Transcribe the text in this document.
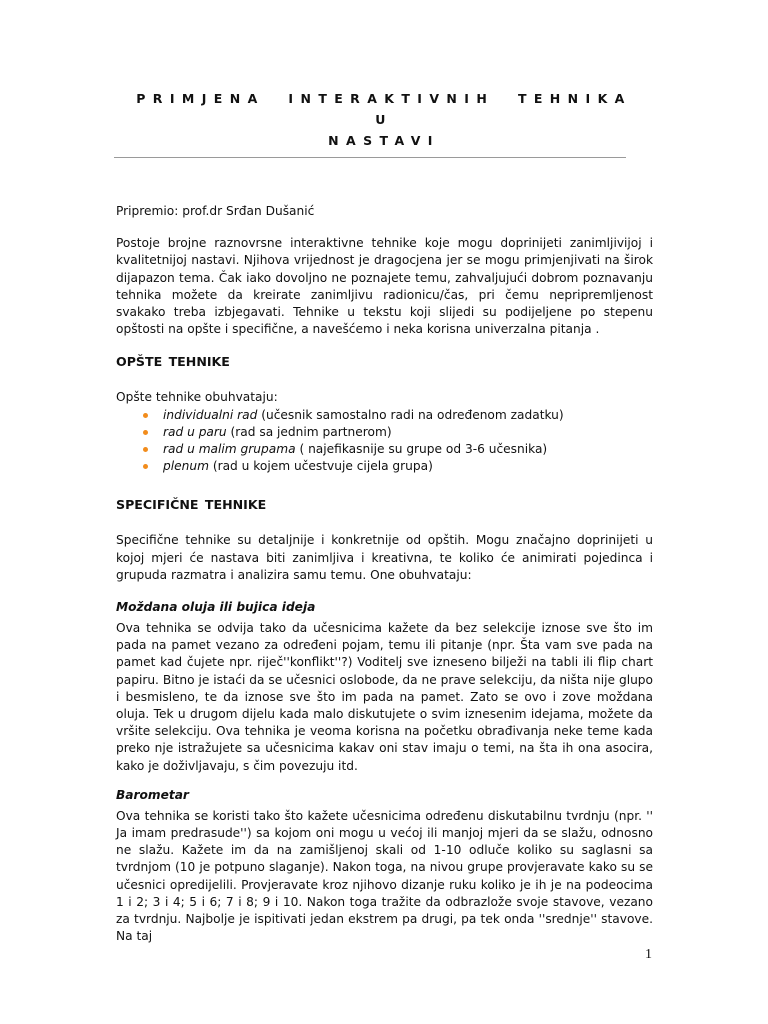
PRIMJENA INTERAKTIVNIH TEHNIKA U
NASTAVI

Pripremio: prof.dr Srđan Dušanić

Postoje brojne raznovrsne interaktivne tehnike koje mogu doprinijeti zanimljivijoj i kvalitetnijoj nastavi. Njihova vrijednost je dragocjena jer se mogu primjenjivati na širok dijapazon tema. Čak iako dovoljno ne poznajete temu, zahvaljujući dobrom poznavanju tehnika možete da kreirate zanimljivu radionicu/čas, pri čemu nepripremljenost svakako treba izbjegavati. Tehnike u tekstu koji slijedi su podijeljene po stepenu opštosti na opšte i specifične, a navešćemo i neka korisna univerzalna pitanja .

OPŠTE TEHNIKE

Opšte tehnike obuhvataju:

individualni rad (učesnik samostalno radi na određenom zadatku)
rad u paru (rad sa jednim partnerom)
rad u malim grupama ( najefikasnije su grupe od 3-6 učesnika)
plenum (rad u kojem učestvuje cijela grupa)
SPECIFIČNE TEHNIKE

Specifične tehnike su detaljnije i konkretnije od opštih. Mogu značajno doprinijeti u kojoj mjeri će nastava biti zanimljiva i kreativna, te koliko će animirati pojedinca i grupuda razmatra i analizira samu temu. One obuhvataju:

Moždana oluja ili bujica ideja

Ova tehnika se odvija tako da učesnicima kažete da bez selekcije iznose sve što im pada na pamet vezano za određeni pojam, temu ili pitanje (npr. Šta vam sve pada na pamet kad čujete npr. riječ''konflikt''?) Voditelj sve izneseno bilježi na tabli ili flip chart papiru. Bitno je istaći da se učesnici oslobode, da ne prave selekciju, da ništa nije glupo i besmisleno, te da iznose sve što im pada na pamet. Zato se ovo i zove moždana oluja. Tek u drugom dijelu kada malo diskutujete o svim iznesenim idejama, možete da vršite selekciju. Ova tehnika je veoma korisna na početku obrađivanja neke teme kada preko nje istražujete sa učesnicima kakav oni stav imaju o temi, na šta ih ona asocira, kako je doživljavaju, s čim povezuju itd.

Barometar

Ova tehnika se koristi tako što kažete učesnicima određenu diskutabilnu tvrdnju (npr. '' Ja imam predrasude'') sa kojom oni mogu u većoj ili manjoj mjeri da se slažu, odnosno ne slažu. Kažete im da na zamišljenoj skali od 1-10 odluče koliko su saglasni sa tvrdnjom (10 je potpuno slaganje). Nakon toga, na nivou grupe provjeravate kako su se učesnici opredijelili. Provjeravate kroz njihovo dizanje ruku koliko je ih je na podeocima 1 i 2; 3 i 4; 5 i 6; 7 i 8; 9 i 10. Nakon toga tražite da odbrazlože svoje stavove, vezano za tvrdnju. Najbolje je ispitivati jedan ekstrem pa drugi, pa tek onda ''srednje'' stavove. Na taj

1
